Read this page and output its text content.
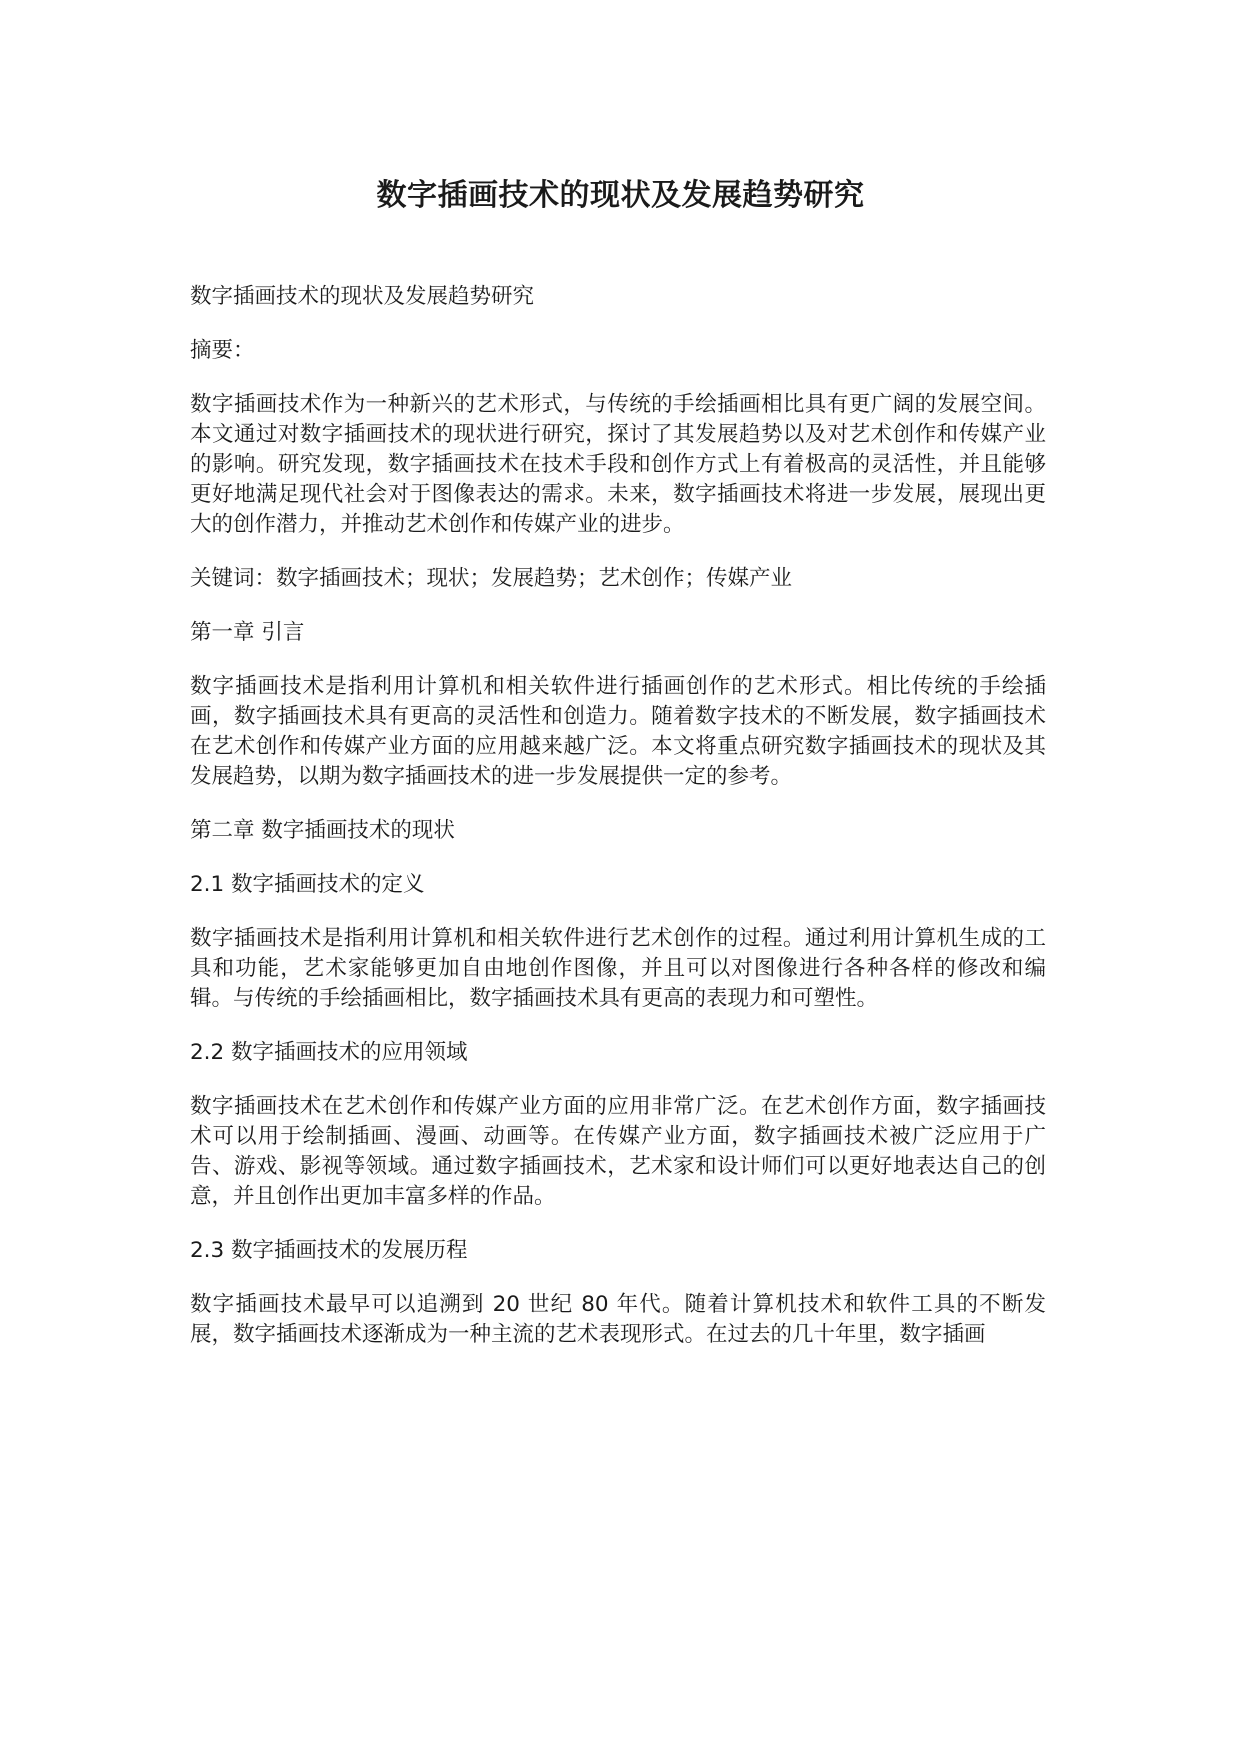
数字插画技术的现状及发展趋势研究

数字插画技术的现状及发展趋势研究

摘要：

数字插画技术作为一种新兴的艺术形式，与传统的手绘插画相比具有更广阔的发展空间。本文通过对数字插画技术的现状进行研究，探讨了其发展趋势以及对艺术创作和传媒产业的影响。研究发现，数字插画技术在技术手段和创作方式上有着极高的灵活性，并且能够更好地满足现代社会对于图像表达的需求。未来，数字插画技术将进一步发展，展现出更大的创作潜力，并推动艺术创作和传媒产业的进步。

关键词：数字插画技术；现状；发展趋势；艺术创作；传媒产业

第一章 引言

数字插画技术是指利用计算机和相关软件进行插画创作的艺术形式。相比传统的手绘插画，数字插画技术具有更高的灵活性和创造力。随着数字技术的不断发展，数字插画技术在艺术创作和传媒产业方面的应用越来越广泛。本文将重点研究数字插画技术的现状及其发展趋势，以期为数字插画技术的进一步发展提供一定的参考。

第二章 数字插画技术的现状

2.1 数字插画技术的定义

数字插画技术是指利用计算机和相关软件进行艺术创作的过程。通过利用计算机生成的工具和功能，艺术家能够更加自由地创作图像，并且可以对图像进行各种各样的修改和编辑。与传统的手绘插画相比，数字插画技术具有更高的表现力和可塑性。

2.2 数字插画技术的应用领域

数字插画技术在艺术创作和传媒产业方面的应用非常广泛。在艺术创作方面，数字插画技术可以用于绘制插画、漫画、动画等。在传媒产业方面，数字插画技术被广泛应用于广告、游戏、影视等领域。通过数字插画技术，艺术家和设计师们可以更好地表达自己的创意，并且创作出更加丰富多样的作品。

2.3 数字插画技术的发展历程

数字插画技术最早可以追溯到 20 世纪 80 年代。随着计算机技术和软件工具的不断发展，数字插画技术逐渐成为一种主流的艺术表现形式。在过去的几十年里，数字插画
